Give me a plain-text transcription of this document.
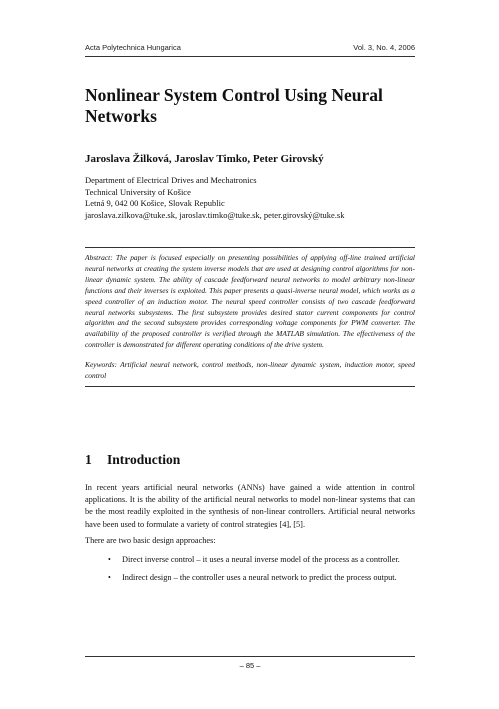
Acta Polytechnica Hungarica	Vol. 3, No. 4, 2006
Nonlinear System Control Using Neural Networks

Jaroslava Žilková, Jaroslav Timko, Peter Girovský

Department of Electrical Drives and Mechatronics
Technical University of Košice
Letná 9, 042 00 Košice, Slovak Republic
jaroslava.zilkova@tuke.sk, jaroslav.timko@tuke.sk, peter.girovský@tuke.sk

Abstract: The paper is focused especially on presenting possibilities of applying off-line trained artificial neural networks at creating the system inverse models that are used at designing control algorithms for non-linear dynamic system. The ability of cascade feedforward neural networks to model arbitrary non-linear functions and their inverses is exploited. This paper presents a quasi-inverse neural model, which works as a speed controller of an induction motor. The neural speed controller consists of two cascade feedforward neural networks subsystems. The first subsystem provides desired stator current components for control algorithm and the second subsystem provides corresponding voltage components for PWM converter. The availability of the proposed controller is verified through the MATLAB simulation. The effectiveness of the controller is demonstrated for different operating conditions of the drive system.

Keywords: Artificial neural network, control methods, non-linear dynamic system, induction motor, speed control

1 Introduction

In recent years artificial neural networks (ANNs) have gained a wide attention in control applications. It is the ability of the artificial neural networks to model non-linear systems that can be the most readily exploited in the synthesis of non-linear controllers. Artificial neural networks have been used to formulate a variety of control strategies [4], [5].

There are two basic design approaches:

• Direct inverse control – it uses a neural inverse model of the process as a controller.
• Indirect design – the controller uses a neural network to predict the process output.
– 85 –
